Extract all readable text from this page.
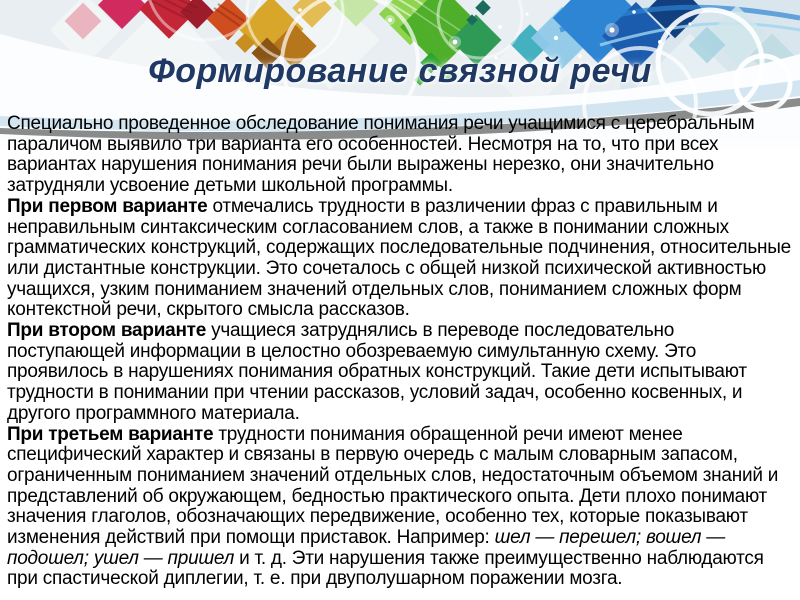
Формирование связной речи

Специально проведенное обследование понимания речи учащимися с церебральным параличом выявило три варианта его особенностей. Несмотря на то, что при всех вариантах нарушения понимания речи были выражены нерезко, они значительно затрудняли усвоение детьми школьной программы.

При первом варианте отмечались трудности в различении фраз с правильным и неправильным синтаксическим согласованием слов, а также в понимании сложных грамматических конструкций, содержащих последовательные подчинения, относительные или дистантные конструкции. Это сочеталось с общей низкой психической активностью учащихся, узким пониманием значений отдельных слов, пониманием сложных форм контекстной речи, скрытого смысла рассказов.

При втором варианте учащиеся затруднялись в переводе последовательно поступающей информации в целостно обозреваемую симультанную схему. Это проявилось в нарушениях понимания обратных конструкций. Такие дети испытывают трудности в понимании при чтении рассказов, условий задач, особенно косвенных, и другого программного материала.

При третьем варианте трудности понимания обращенной речи имеют менее специфический характер и связаны в первую очередь с малым словарным запасом, ограниченным пониманием значений отдельных слов, недостаточным объемом знаний и представлений об окружающем, бедностью практического опыта. Дети плохо понимают значения глаголов, обозначающих передвижение, особенно тех, которые показывают изменения действий при помощи приставок. Например: шел — перешел; вошел — подошел; ушел — пришел и т. д. Эти нарушения также преимущественно наблюдаются при спастической диплегии, т. е. при двуполушарном поражении мозга.
